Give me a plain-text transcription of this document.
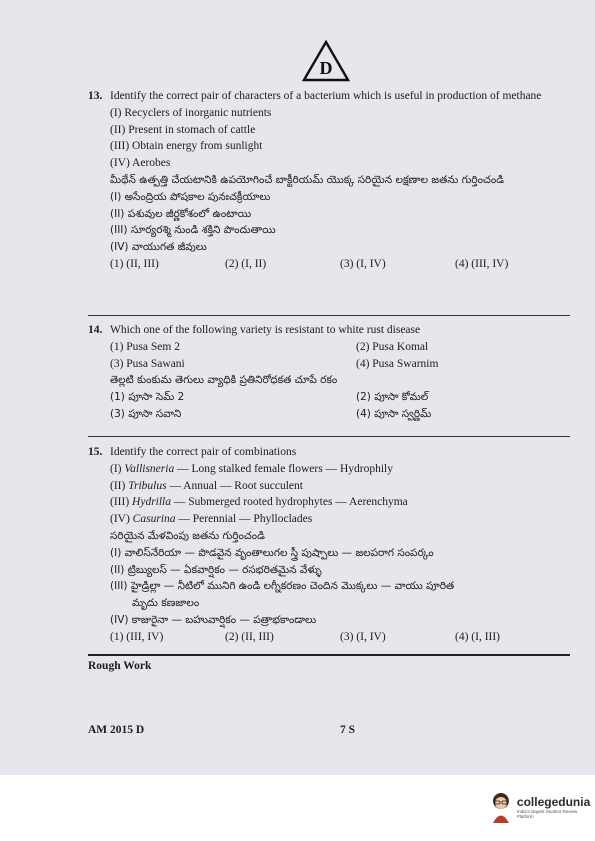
D
13. Identify the correct pair of characters of a bacterium which is useful in production of methane
(I) Recyclers of inorganic nutrients
(II) Present in stomach of cattle
(III) Obtain energy from sunlight
(IV) Aerobes
మీథేన్ ఉత్పత్తి చేయటానికి ఉపయోగించే బాక్టీరియమ్ యొక్క సరియైన లక్షణాల జతను గుర్తించండి
(I) అసేంద్రియ పోషకాల పునఃచక్రీయాలు
(II) పశువుల జీర్ణకోశంలో ఉంటాయి
(III) సూర్యరశ్మి నుండి శక్తిని పొందుతాయి
(IV) వాయుగత జీవులు
(1) (II, III)	(2) (I, II)	(3) (I, IV)	(4) (III, IV)
14. Which one of the following variety is resistant to white rust disease
(1) Pusa Sem 2	(2) Pusa Komal
(3) Pusa Sawani	(4) Pusa Swarnim
తెల్లటి కుంకుమ తెగులు వ్యాధికి ప్రతినిరోధకత చూపే రకం
(1) పూసా సెమ్ 2	(2) పూసా కోమల్
(3) పూసా సవాని	(4) పూసా స్వర్ణిమ్
15. Identify the correct pair of combinations
(I) Vallisneria — Long stalked female flowers — Hydrophily
(II) Tribulus — Annual — Root succulent
(III) Hydrilla — Submerged rooted hydrophytes — Aerenchyma
(IV) Casurina — Perennial — Phylloclades
సరియైన మేళవింపు జతను గుర్తించండి
(I) వాలిస్‌నేరియా — పొడవైన వృంతాలుగల స్త్రీ పుష్పాలు — జలపరాగ సంపర్కం
(II) ట్రిబ్యులస్ — ఏకవార్షికం — రసభరితమైన వేళ్ళు
(III) హైడ్రిల్లా — నీటిలో మునిగి ఉండి లగ్నీకరణం చెందిన మొక్కలు — వాయు పూరిత
మృదు కణజాలం
(IV) కాజురైనా — బహువార్షికం — పత్రాభకాండాలు
(1) (III, IV)	(2) (II, III)	(3) (I, IV)	(4) (I, III)
Rough Work
AM 2015 D	7 S
collegedunia
India's largest Student Review Platform
